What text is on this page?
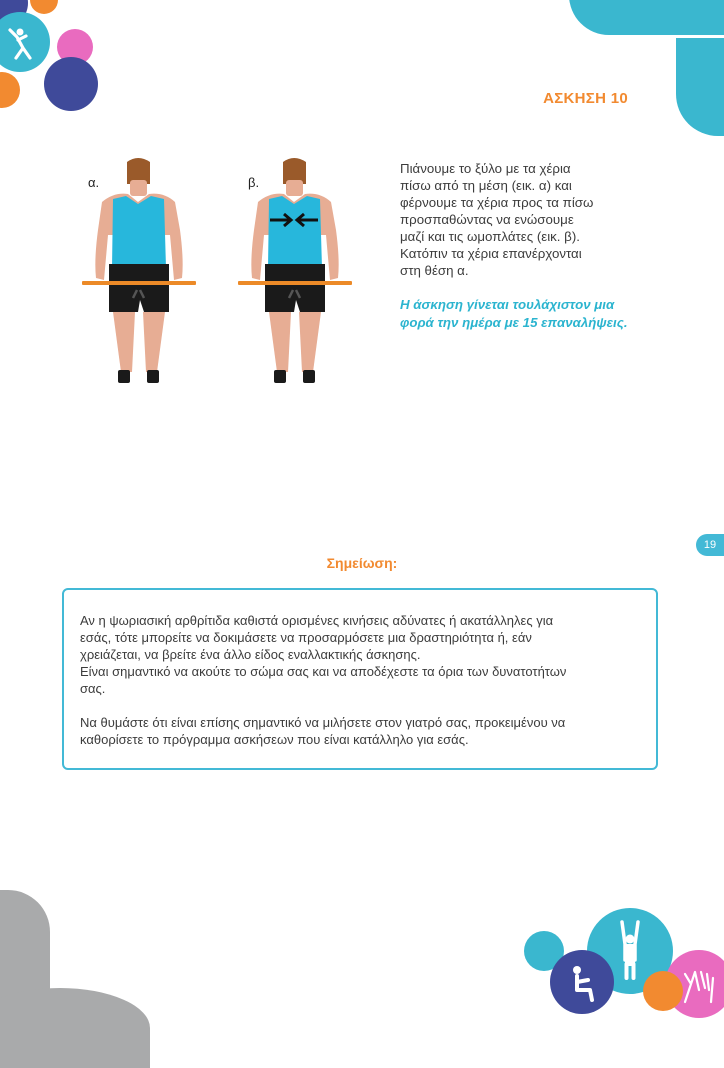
ΑΣΚΗΣΗ 10
α.	β.
Πιάνουμε το ξύλο με τα χέρια
πίσω από τη μέση (εικ. α) και
φέρνουμε τα χέρια προς τα πίσω
προσπαθώντας να ενώσουμε
μαζί και τις ωμοπλάτες (εικ. β).
Κατόπιν τα χέρια επανέρχονται
στη θέση α.
Η άσκηση γίνεται τουλάχιστον μια
φορά την ημέρα με 15 επαναλήψεις.
19
Σημείωση:

Αν η ψωριασική αρθρίτιδα καθιστά ορισμένες κινήσεις αδύνατες ή ακατάλληλες για
εσάς, τότε μπορείτε να δοκιμάσετε να προσαρμόσετε μια δραστηριότητα ή, εάν
χρειάζεται, να βρείτε ένα άλλο είδος εναλλακτικής άσκησης.
Είναι σημαντικό να ακούτε το σώμα σας και να αποδέχεστε τα όρια των δυνατοτήτων
σας.

Να θυμάστε ότι είναι επίσης σημαντικό να μιλήσετε στον γιατρό σας, προκειμένου να
καθορίσετε το πρόγραμμα ασκήσεων που είναι κατάλληλο για εσάς.
